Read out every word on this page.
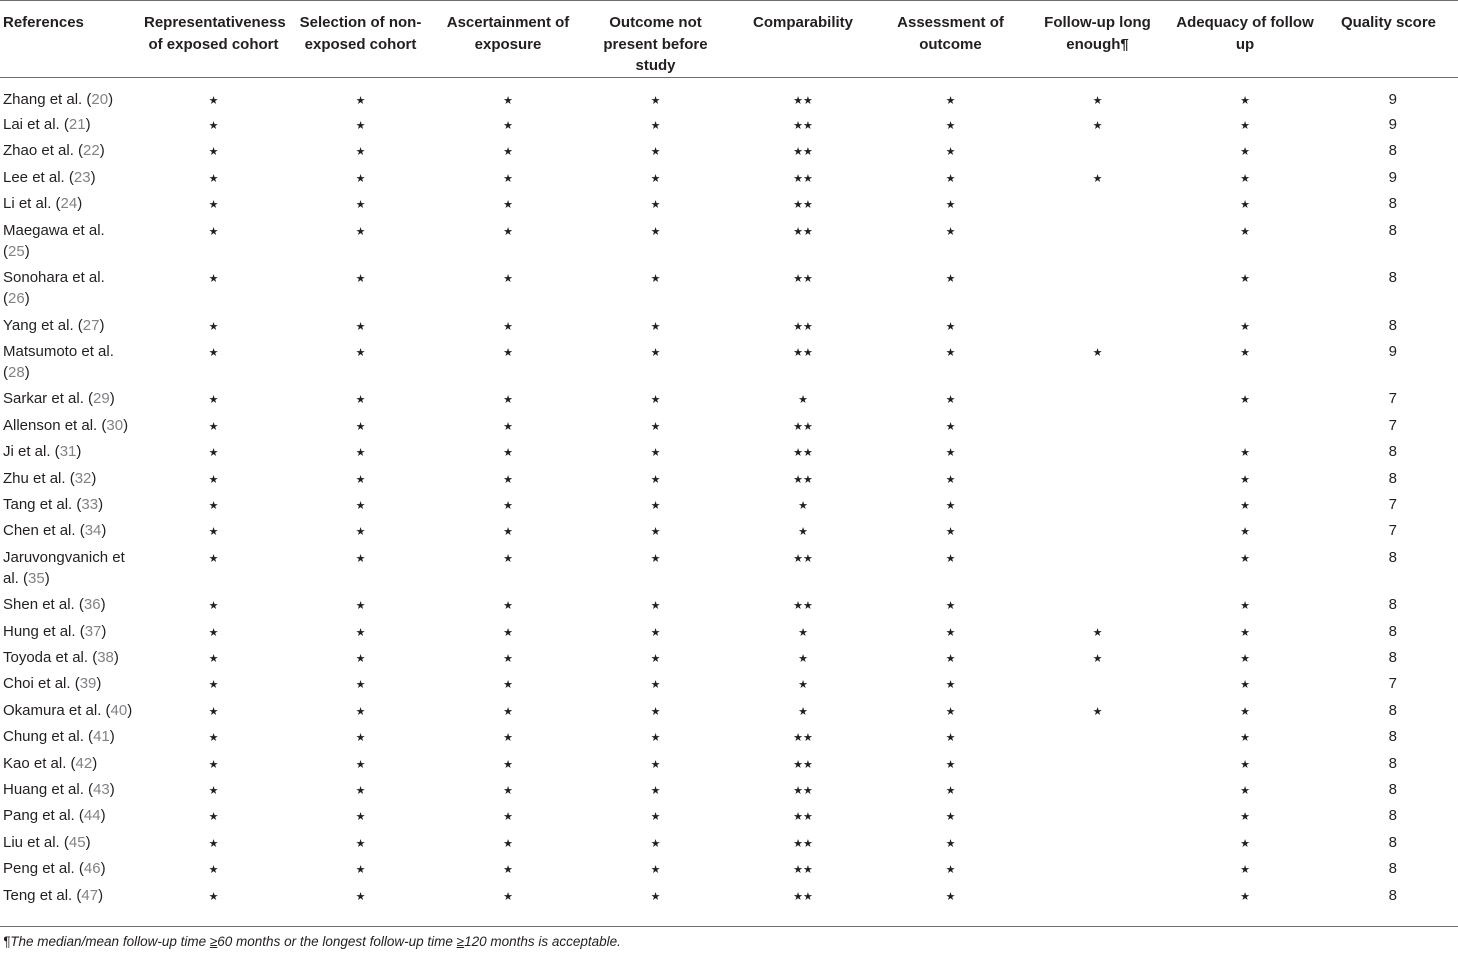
References	Representativeness of exposed cohort	Selection of non-exposed cohort	Ascertainment of exposure	Outcome not present before study	Comparability	Assessment of outcome	Follow-up long enough¶	Adequacy of follow up	Quality score
Zhang et al. (20)	★	★	★	★	★★	★	★	★	9
Lai et al. (21)	★	★	★	★	★★	★	★	★	9
Zhao et al. (22)	★	★	★	★	★★	★		★	8
Lee et al. (23)	★	★	★	★	★★	★	★	★	9
Li et al. (24)	★	★	★	★	★★	★		★	8
Maegawa et al. (25)	★	★	★	★	★★	★		★	8
Sonohara et al. (26)	★	★	★	★	★★	★		★	8
Yang et al. (27)	★	★	★	★	★★	★		★	8
Matsumoto et al. (28)	★	★	★	★	★★	★	★	★	9
Sarkar et al. (29)	★	★	★	★	★	★		★	7
Allenson et al. (30)	★	★	★	★	★★	★			7
Ji et al. (31)	★	★	★	★	★★	★		★	8
Zhu et al. (32)	★	★	★	★	★★	★		★	8
Tang et al. (33)	★	★	★	★	★	★		★	7
Chen et al. (34)	★	★	★	★	★	★		★	7
Jaruvongvanich et al. (35)	★	★	★	★	★★	★		★	8
Shen et al. (36)	★	★	★	★	★★	★		★	8
Hung et al. (37)	★	★	★	★	★	★	★	★	8
Toyoda et al. (38)	★	★	★	★	★	★	★	★	8
Choi et al. (39)	★	★	★	★	★	★		★	7
Okamura et al. (40)	★	★	★	★	★	★	★	★	8
Chung et al. (41)	★	★	★	★	★★	★		★	8
Kao et al. (42)	★	★	★	★	★★	★		★	8
Huang et al. (43)	★	★	★	★	★★	★		★	8
Pang et al. (44)	★	★	★	★	★★	★		★	8
Liu et al. (45)	★	★	★	★	★★	★		★	8
Peng et al. (46)	★	★	★	★	★★	★		★	8
Teng et al. (47)	★	★	★	★	★★	★		★	8
¶The median/mean follow-up time ≥60 months or the longest follow-up time ≥120 months is acceptable.
